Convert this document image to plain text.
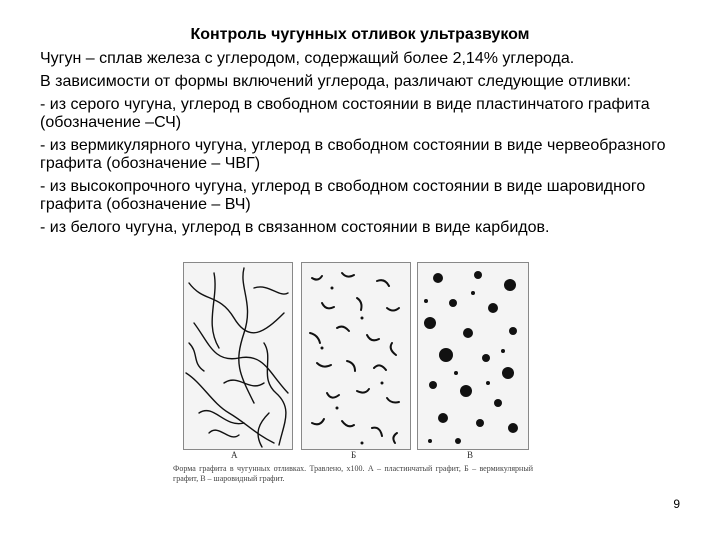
Контроль чугунных отливок ультразвуком

Чугун – сплав железа с углеродом, содержащий более 2,14% углерода.

В зависимости от формы включений углерода, различают следующие отливки:

- из серого чугуна, углерод в свободном состоянии в виде пластинчатого графита (обозначение –СЧ)

- из вермикулярного чугуна, углерод в свободном состоянии в виде червеобразного графита (обозначение – ЧВГ)

- из высокопрочного чугуна, углерод в свободном состоянии в виде шаровидного графита (обозначение – ВЧ)

- из белого чугуна, углерод в связанном состоянии в виде карбидов.

А	Б	В
Форма графита в чугунных отливках. Травлено, х100. А – пластинчатый графит, Б – вермикулярный графит, В – шаровидный графит.
9
